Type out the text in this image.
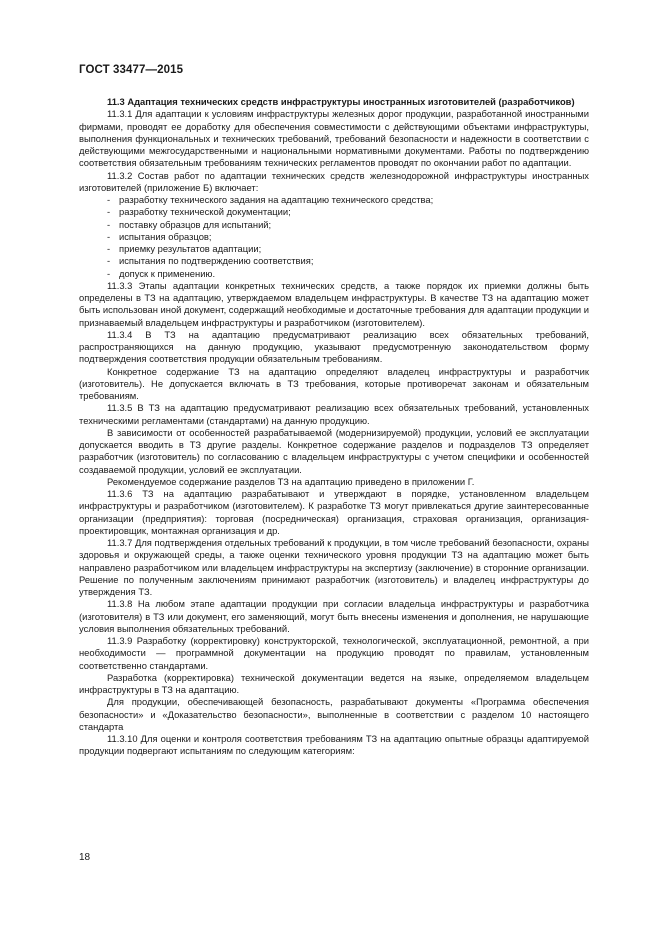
ГОСТ 33477—2015

11.3 Адаптация технических средств инфраструктуры иностранных изготовителей (разработчиков)

11.3.1 Для адаптации к условиям инфраструктуры железных дорог продукции, разработанной иностранными фирмами, проводят ее доработку для обеспечения совместимости с действующими объектами инфраструктуры, выполнения функциональных и технических требований, требований безопасности и надежности в соответствии с действующими межгосударственными и национальными нормативными документами. Работы по подтверждению соответствия обязательным требованиям технических регламентов проводят по окончании работ по адаптации.

11.3.2 Состав работ по адаптации технических средств железнодорожной инфраструктуры иностранных изготовителей (приложение Б) включает:

- разработку технического задания на адаптацию технического средства;
- разработку технической документации;
- поставку образцов для испытаний;
- испытания образцов;
- приемку результатов адаптации;
- испытания по подтверждению соответствия;
- допуск к применению.

11.3.3 Этапы адаптации конкретных технических средств, а также порядок их приемки должны быть определены в ТЗ на адаптацию, утверждаемом владельцем инфраструктуры. В качестве ТЗ на адаптацию может быть использован иной документ, содержащий необходимые и достаточные требования для адаптации продукции и признаваемый владельцем инфраструктуры и разработчиком (изготовителем).

11.3.4 В ТЗ на адаптацию предусматривают реализацию всех обязательных требований, распространяющихся на данную продукцию, указывают предусмотренную законодательством форму подтверждения соответствия продукции обязательным требованиям.

Конкретное содержание ТЗ на адаптацию определяют владелец инфраструктуры и разработчик (изготовитель). Не допускается включать в ТЗ требования, которые противоречат законам и обязательным требованиям.

11.3.5 В ТЗ на адаптацию предусматривают реализацию всех обязательных требований, установленных техническими регламентами (стандартами) на данную продукцию.

В зависимости от особенностей разрабатываемой (модернизируемой) продукции, условий ее эксплуатации допускается вводить в ТЗ другие разделы. Конкретное содержание разделов и подразделов ТЗ определяет разработчик (изготовитель) по согласованию с владельцем инфраструктуры с учетом специфики и особенностей создаваемой продукции, условий ее эксплуатации.

Рекомендуемое содержание разделов ТЗ на адаптацию приведено в приложении Г.

11.3.6 ТЗ на адаптацию разрабатывают и утверждают в порядке, установленном владельцем инфраструктуры и разработчиком (изготовителем). К разработке ТЗ могут привлекаться другие заинтересованные организации (предприятия): торговая (посредническая) организация, страховая организация, организация-проектировщик, монтажная организация и др.

11.3.7 Для подтверждения отдельных требований к продукции, в том числе требований безопасности, охраны здоровья и окружающей среды, а также оценки технического уровня продукции ТЗ на адаптацию может быть направлено разработчиком или владельцем инфраструктуры на экспертизу (заключение) в сторонние организации. Решение по полученным заключениям принимают разработчик (изготовитель) и владелец инфраструктуры до утверждения ТЗ.

11.3.8 На любом этапе адаптации продукции при согласии владельца инфраструктуры и разработчика (изготовителя) в ТЗ или документ, его заменяющий, могут быть внесены изменения и дополнения, не нарушающие условия выполнения обязательных требований.

11.3.9 Разработку (корректировку) конструкторской, технологической, эксплуатационной, ремонтной, а при необходимости — программной документации на продукцию проводят по правилам, установленным соответственно стандартами.

Разработка (корректировка) технической документации ведется на языке, определяемом владельцем инфраструктуры в ТЗ на адаптацию.

Для продукции, обеспечивающей безопасность, разрабатывают документы «Программа обеспечения безопасности» и «Доказательство безопасности», выполненные в соответствии с разделом 10 настоящего стандарта

11.3.10 Для оценки и контроля соответствия требованиям ТЗ на адаптацию опытные образцы адаптируемой продукции подвергают испытаниям по следующим категориям:

18
